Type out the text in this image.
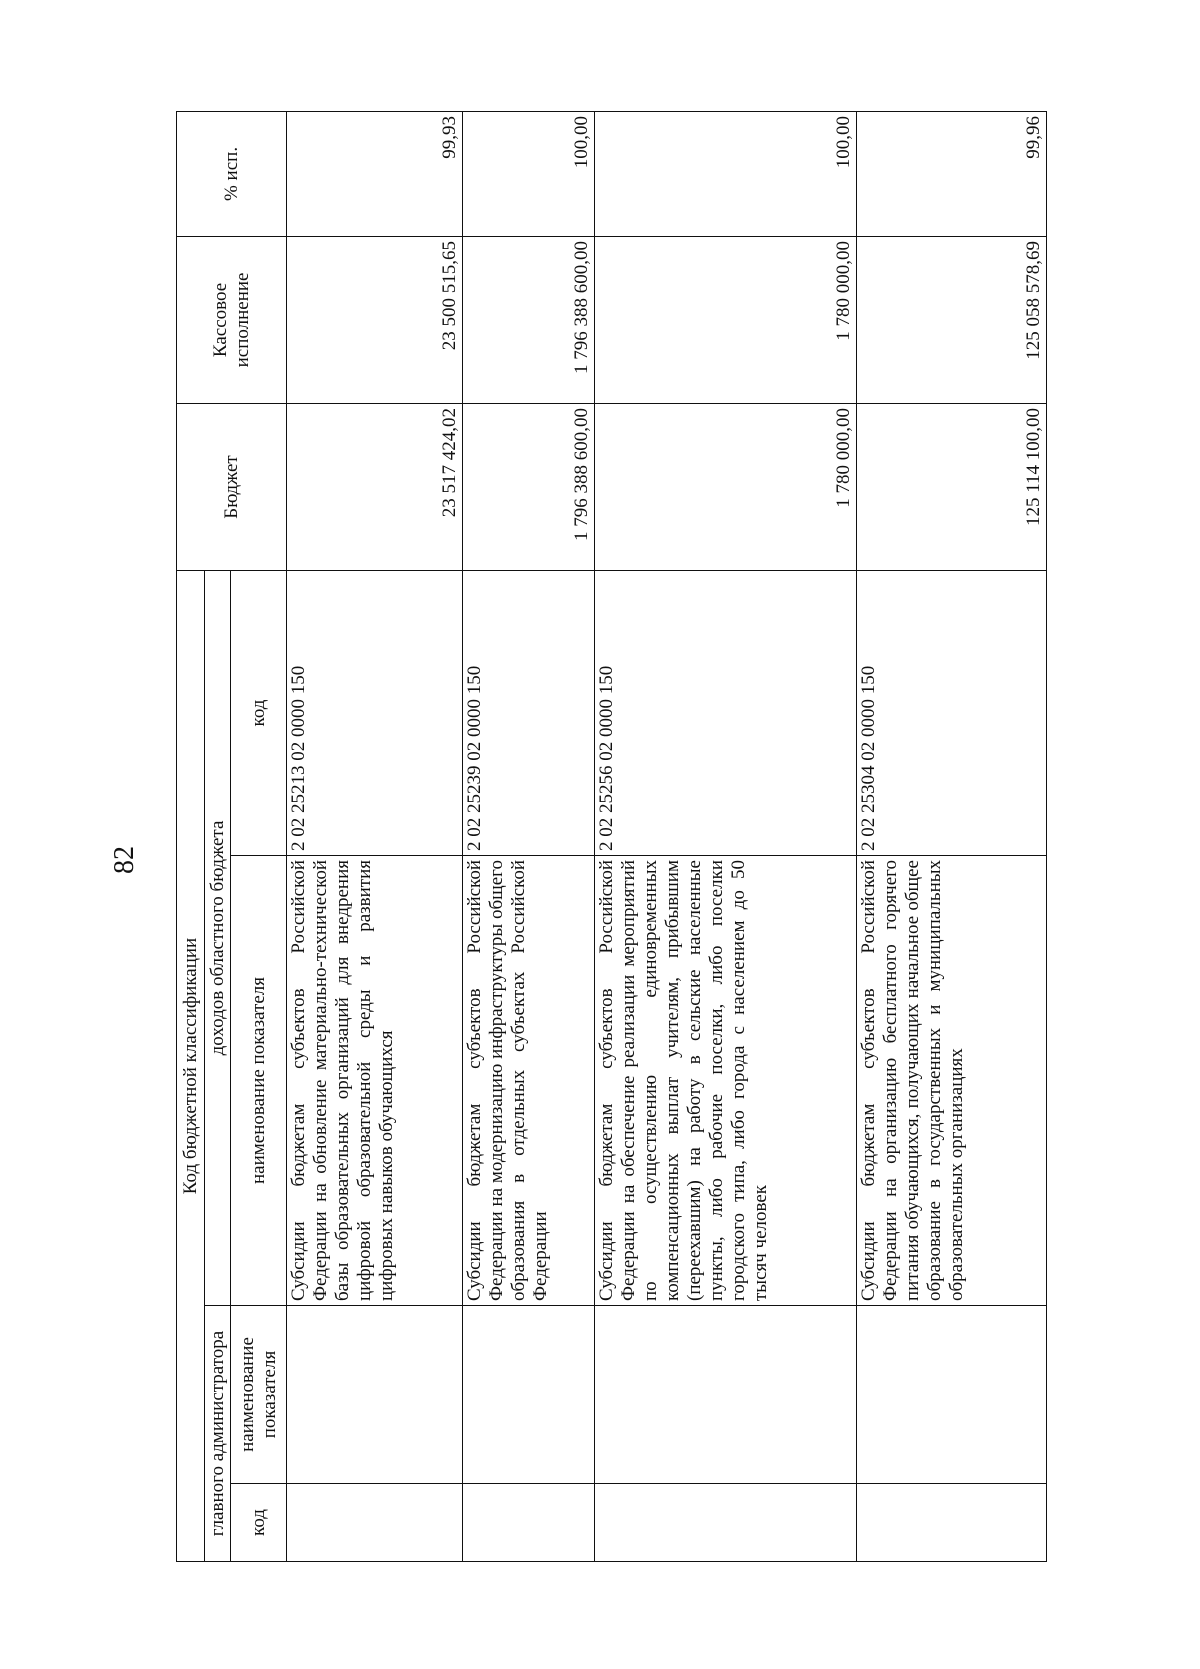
82
Код бюджетной классификации				Бюджет	Кассовое исполнение	% исп.
главного администратора		доходов областного бюджета				
код	наименование показателя	наименование показателя	код			
		Субсидии бюджетам субъектов Российской Федерации на обновление материально-технической базы образовательных организаций для внедрения цифровой образовательной среды и развития цифровых навыков обучающихся	2 02 25213 02 0000 150	23 517 424,02	23 500 515,65	99,93
		Субсидии бюджетам субъектов Российской Федерации на модернизацию инфраструктуры общего образования в отдельных субъектах Российской Федерации	2 02 25239 02 0000 150	1 796 388 600,00	1 796 388 600,00	100,00
		Субсидии бюджетам субъектов Российской Федерации на обеспечение реализации мероприятий по осуществлению единовременных компенсационных выплат учителям, прибывшим (переехавшим) на работу в сельские населенные пункты, либо рабочие поселки, либо поселки городского типа, либо города с населением до 50 тысяч человек	2 02 25256 02 0000 150	1 780 000,00	1 780 000,00	100,00
		Субсидии бюджетам субъектов Российской Федерации на организацию бесплатного горячего питания обучающихся, получающих начальное общее образование в государственных и муниципальных образовательных организациях	2 02 25304 02 0000 150	125 114 100,00	125 058 578,69	99,96
